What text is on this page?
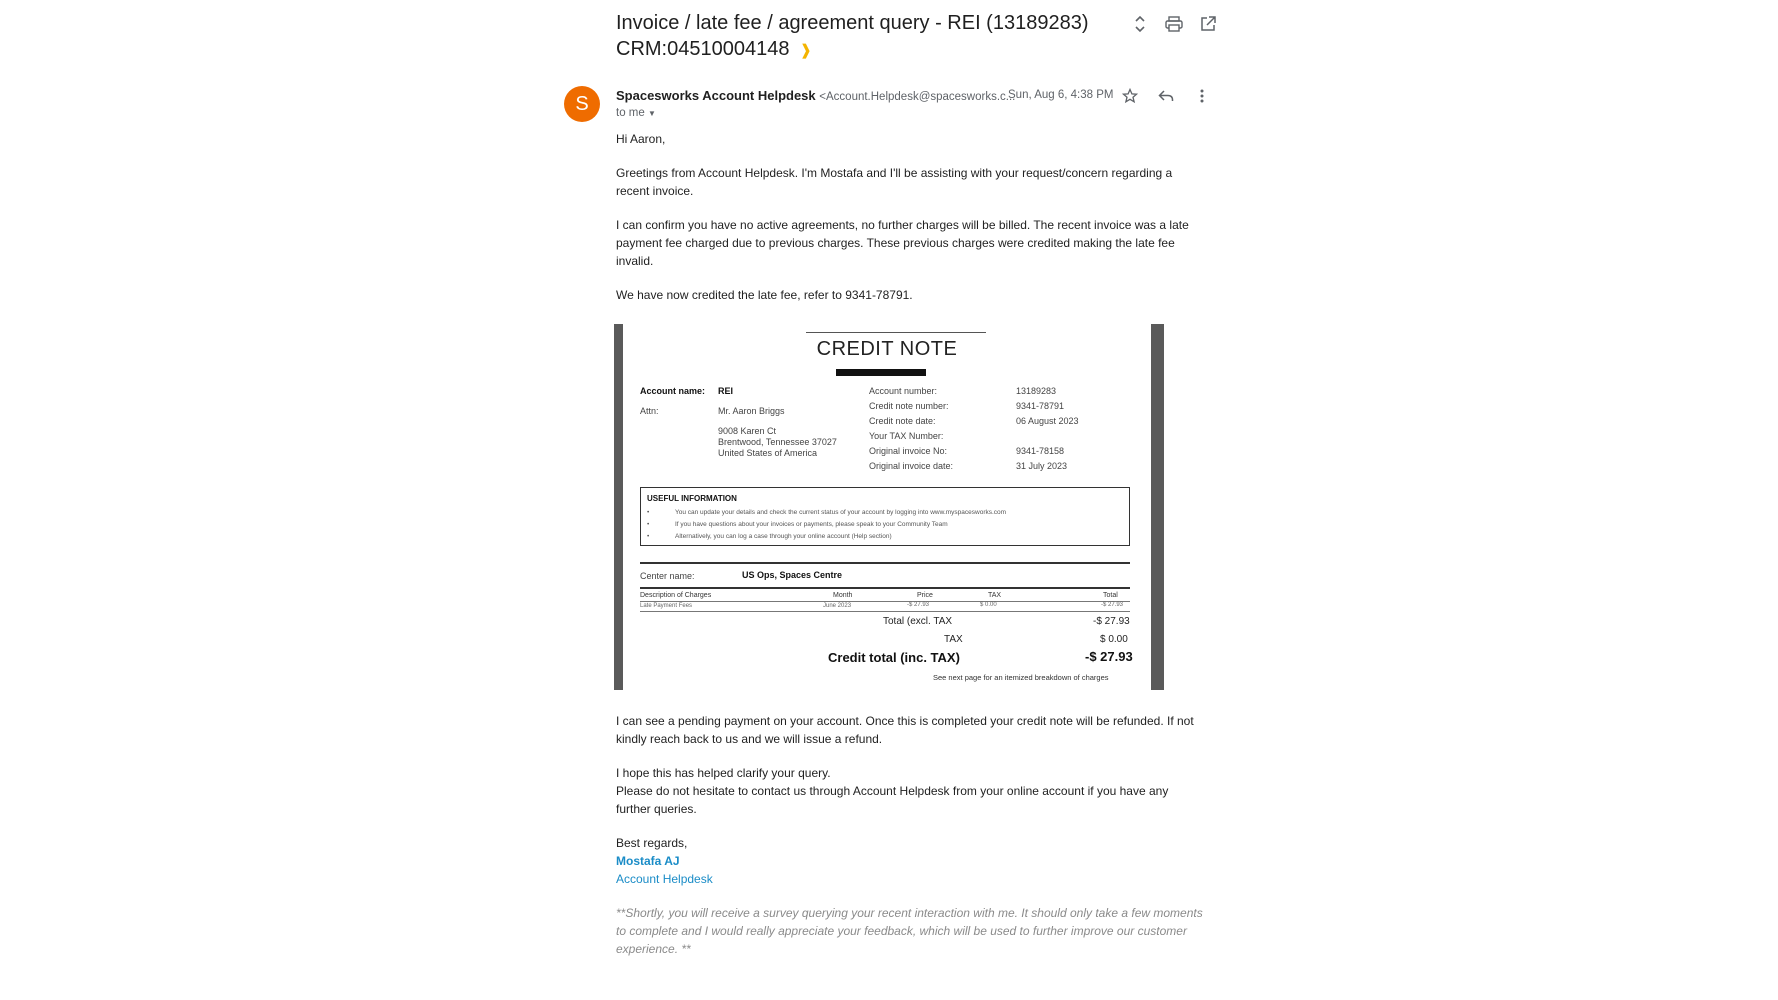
Invoice / late fee / agreement query - REI (13189283)
CRM:04510004148 ❱
S	Spacesworks Account Helpdesk <Account.Helpdesk@spacesworks.c...
Sun, Aug 6, 4:38 PM
to me ▼

Hi Aaron,

Greetings from Account Helpdesk. I'm Mostafa and I'll be assisting with your request/concern regarding a recent invoice.

I can confirm you have no active agreements, no further charges will be billed. The recent invoice was a late payment fee charged due to previous charges. These previous charges were credited making the late fee invalid.

We have now credited the late fee, refer to 9341-78791.

CREDIT NOTE
Account name: REI
Attn:	Mr. Aaron Briggs
9008 Karen Ct
Brentwood, Tennessee 37027
United States of America
Account number:	13189283
Credit note number:	9341-78791
Credit note date:	06 August 2023
Your TAX Number:
Original invoice No:	9341-78158
Original invoice date:	31 July 2023
USEFUL INFORMATION
•	You can update your details and check the current status of your account by logging into www.myspacesworks.com
•	If you have questions about your invoices or payments, please speak to your Community Team
•	Alternatively, you can log a case through your online account (Help section)
Center name:	US Ops, Spaces Centre
Description of Charges	Month	Price	TAX	Total
Late Payment Fees	June 2023	-$ 27.93	$ 0.00	-$ 27.93
Total (excl. TAX	-$ 27.93
TAX	$ 0.00
Credit total (inc. TAX)	-$ 27.93
See next page for an itemized breakdown of charges

I can see a pending payment on your account. Once this is completed your credit note will be refunded. If not kindly reach back to us and we will issue a refund.

I hope this has helped clarify your query.
Please do not hesitate to contact us through Account Helpdesk from your online account if you have any further queries.

Best regards,
Mostafa AJ
Account Helpdesk

**Shortly, you will receive a survey querying your recent interaction with me. It should only take a few moments to complete and I would really appreciate your feedback, which will be used to further improve our customer experience. **
